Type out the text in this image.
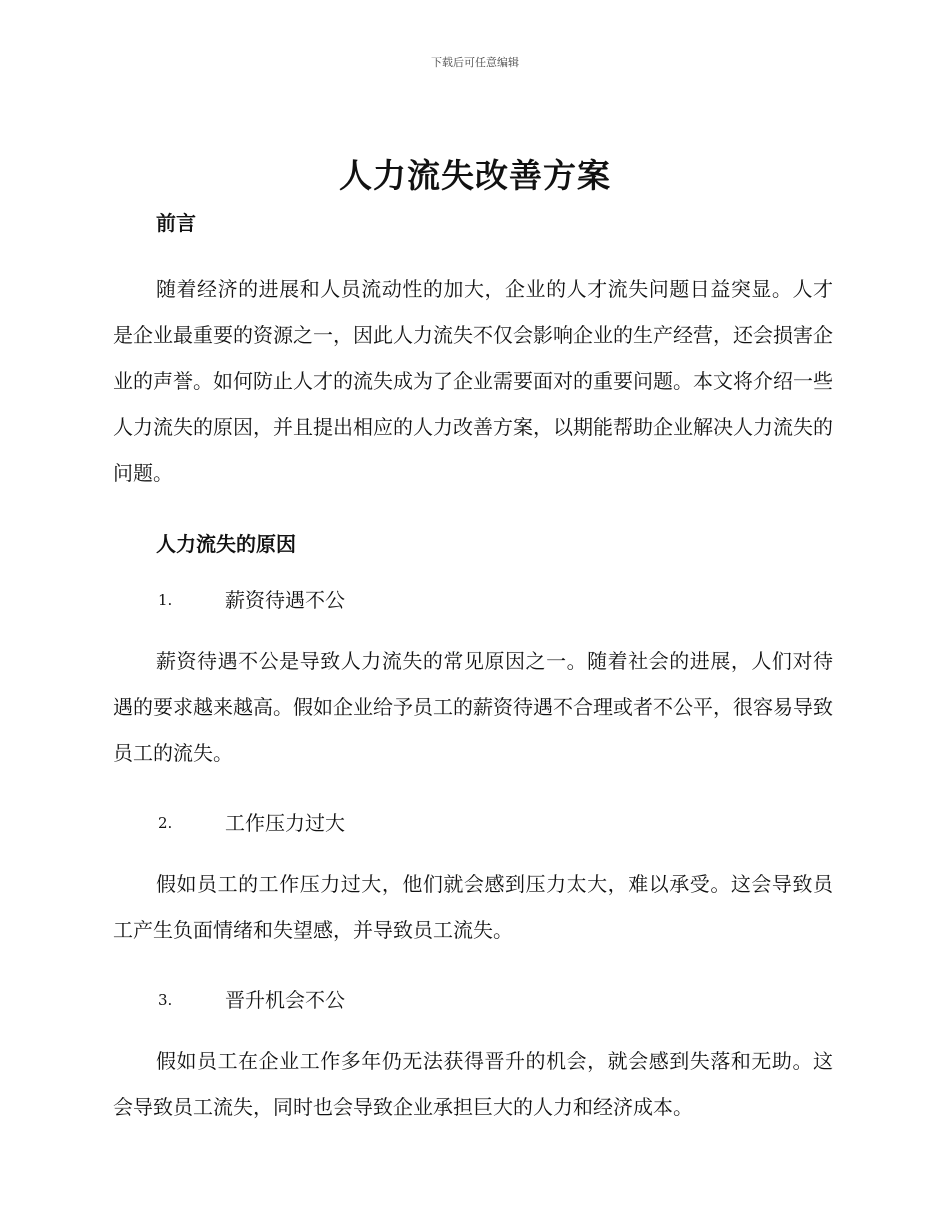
下载后可任意编辑
人力流失改善方案
前言

随着经济的进展和人员流动性的加大，企业的人才流失问题日益突显。人才是企业最重要的资源之一，因此人力流失不仅会影响企业的生产经营，还会损害企业的声誉。如何防止人才的流失成为了企业需要面对的重要问题。本文将介绍一些人力流失的原因，并且提出相应的人力改善方案，以期能帮助企业解决人力流失的问题。

人力流失的原因
1.	薪资待遇不公

薪资待遇不公是导致人力流失的常见原因之一。随着社会的进展，人们对待遇的要求越来越高。假如企业给予员工的薪资待遇不合理或者不公平，很容易导致员工的流失。

2.	工作压力过大

假如员工的工作压力过大，他们就会感到压力太大，难以承受。这会导致员工产生负面情绪和失望感，并导致员工流失。

3.	晋升机会不公

假如员工在企业工作多年仍无法获得晋升的机会，就会感到失落和无助。这会导致员工流失，同时也会导致企业承担巨大的人力和经济成本。
